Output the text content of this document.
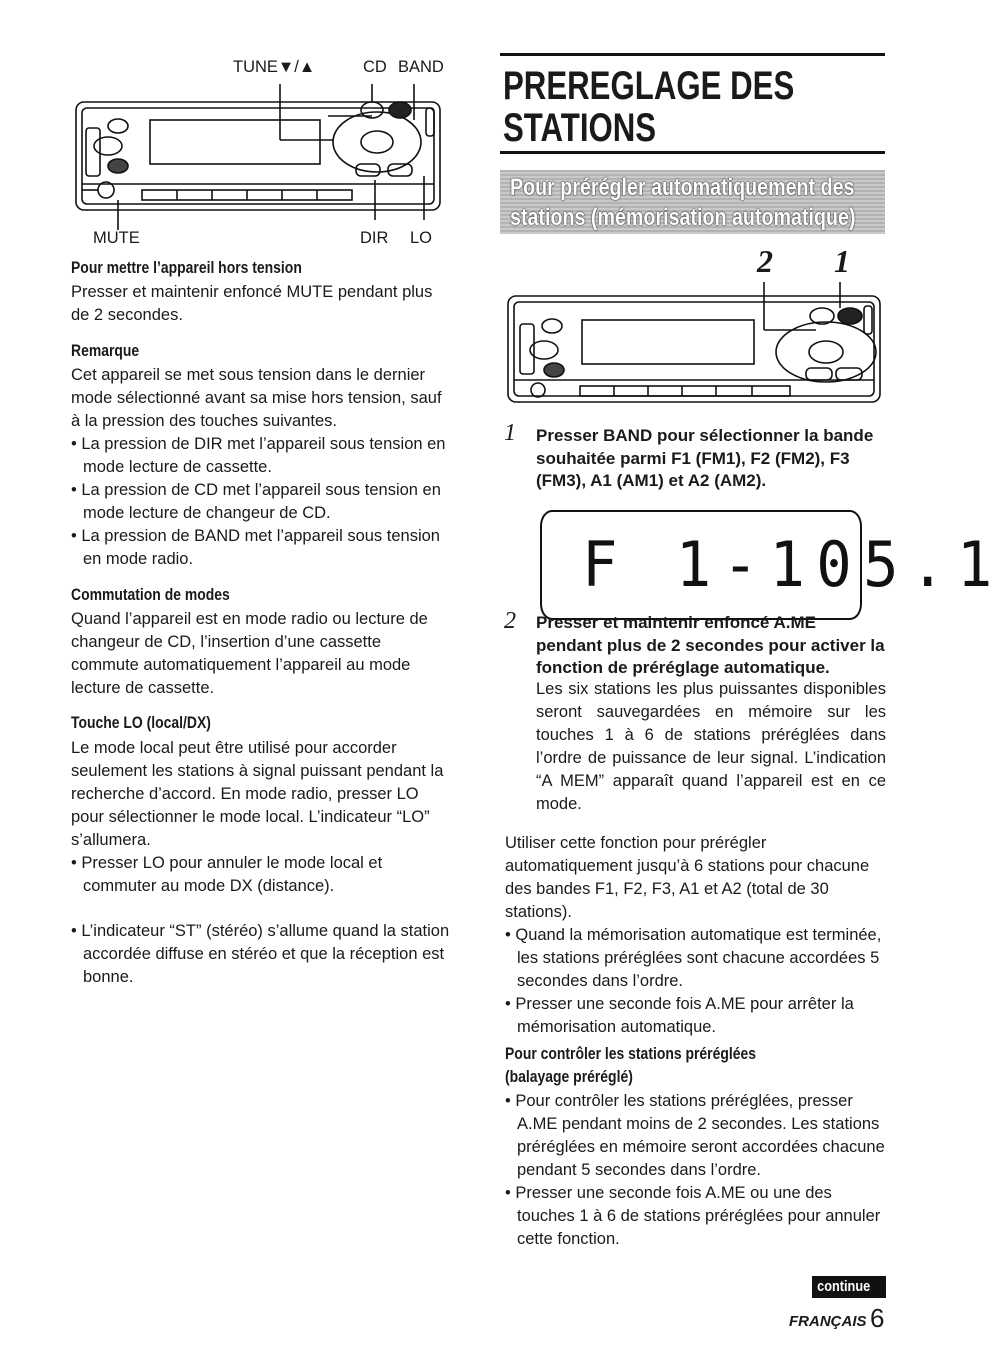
TUNE▼/▲	CD BAND
MUTE	DIR LO
Pour mettre l’appareil hors tension
Presser et maintenir enfoncé MUTE pendant plus de 2 secondes.
Remarque
Cet appareil se met sous tension dans le dernier mode sélectionné avant sa mise hors tension, sauf à la pression des touches suivantes.
• La pression de DIR met l’appareil sous tension en mode lecture de cassette.
• La pression de CD met l’appareil sous tension en mode lecture de changeur de CD.
• La pression de BAND met l’appareil sous tension en mode radio.
Commutation de modes
Quand l’appareil est en mode radio ou lecture de changeur de CD, l’insertion d’une cassette commute automatiquement l’appareil au mode lecture de cassette.
Touche LO (local/DX)
Le mode local peut être utilisé pour accorder seulement les stations à signal puissant pendant la recherche d’accord. En mode radio, presser LO pour sélectionner le mode local. L’indicateur “LO” s’allumera.
• Presser LO pour annuler le mode local et commuter au mode DX (distance).
• L’indicateur “ST” (stéréo) s’allume quand la station accordée diffuse en stéréo et que la réception est bonne.
PREREGLAGE DES
STATIONS
Pour prérégler automatiquement des
stations (mémorisation automatique)
2 1
1 Presser BAND pour sélectionner la bande souhaitée parmi F1 (FM1), F2 (FM2), F3 (FM3), A1 (AM1) et A2 (AM2).
F 1-105.1
2 Presser et maintenir enfoncé A.ME pendant plus de 2 secondes pour activer la fonction de préréglage automatique.
Les six stations les plus puissantes disponibles seront sauvegardées en mémoire sur les touches 1 à 6 de stations préréglées dans l’ordre de puissance de leur signal. L’indication “A MEM” apparaît quand l’appareil est en ce mode.
Utiliser cette fonction pour prérégler automatiquement jusqu’à 6 stations pour chacune des bandes F1, F2, F3, A1 et A2 (total de 30 stations).
• Quand la mémorisation automatique est terminée, les stations préréglées sont chacune accordées 5 secondes dans l’ordre.
• Presser une seconde fois A.ME pour arrêter la mémorisation automatique.
Pour contrôler les stations préréglées
(balayage préréglé)
• Pour contrôler les stations préréglées, presser A.ME pendant moins de 2 secondes. Les stations préréglées en mémoire seront accordées chacune pendant 5 secondes dans l’ordre.
• Presser une seconde fois A.ME ou une des touches 1 à 6 de stations préréglées pour annuler cette fonction.
continue
FRANÇAIS 6
